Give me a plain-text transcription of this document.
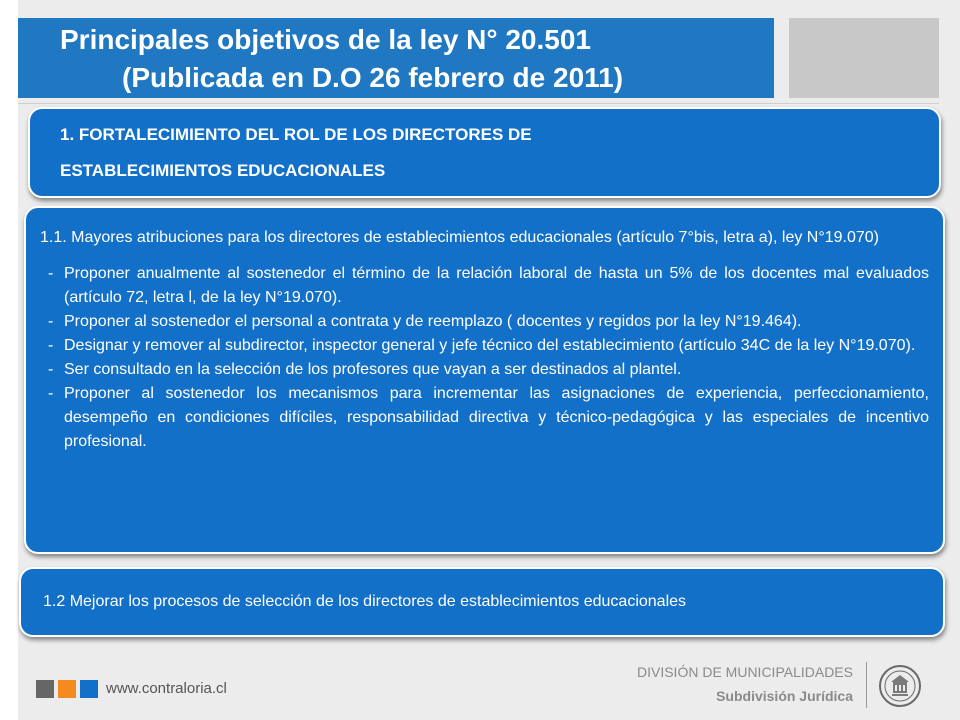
Principales objetivos de la ley N° 20.501
(Publicada en D.O 26 febrero de 2011)
1. FORTALECIMIENTO DEL ROL DE LOS DIRECTORES DE
ESTABLECIMIENTOS EDUCACIONALES

1.1. Mayores atribuciones para los directores de establecimientos educacionales (artículo 7°bis, letra a), ley N°19.070)

- Proponer anualmente al sostenedor el término de la relación laboral de hasta un 5% de los docentes mal evaluados (artículo 72, letra l, de la ley N°19.070).
- Proponer al sostenedor el personal a contrata y de reemplazo ( docentes y regidos por la ley N°19.464).
- Designar y remover al subdirector, inspector general y jefe técnico del establecimiento (artículo 34C de la ley N°19.070).
- Ser consultado en la selección de los profesores que vayan a ser destinados al plantel.
- Proponer al sostenedor los mecanismos para incrementar las asignaciones de experiencia, perfeccionamiento, desempeño en condiciones difíciles, responsabilidad directiva y técnico-pedagógica y las especiales de incentivo profesional.
1.2 Mejorar los procesos de selección de los directores de establecimientos educacionales
www.contraloria.cl
DIVISIÓN DE MUNICIPALIDADES
Subdivisión Jurídica
